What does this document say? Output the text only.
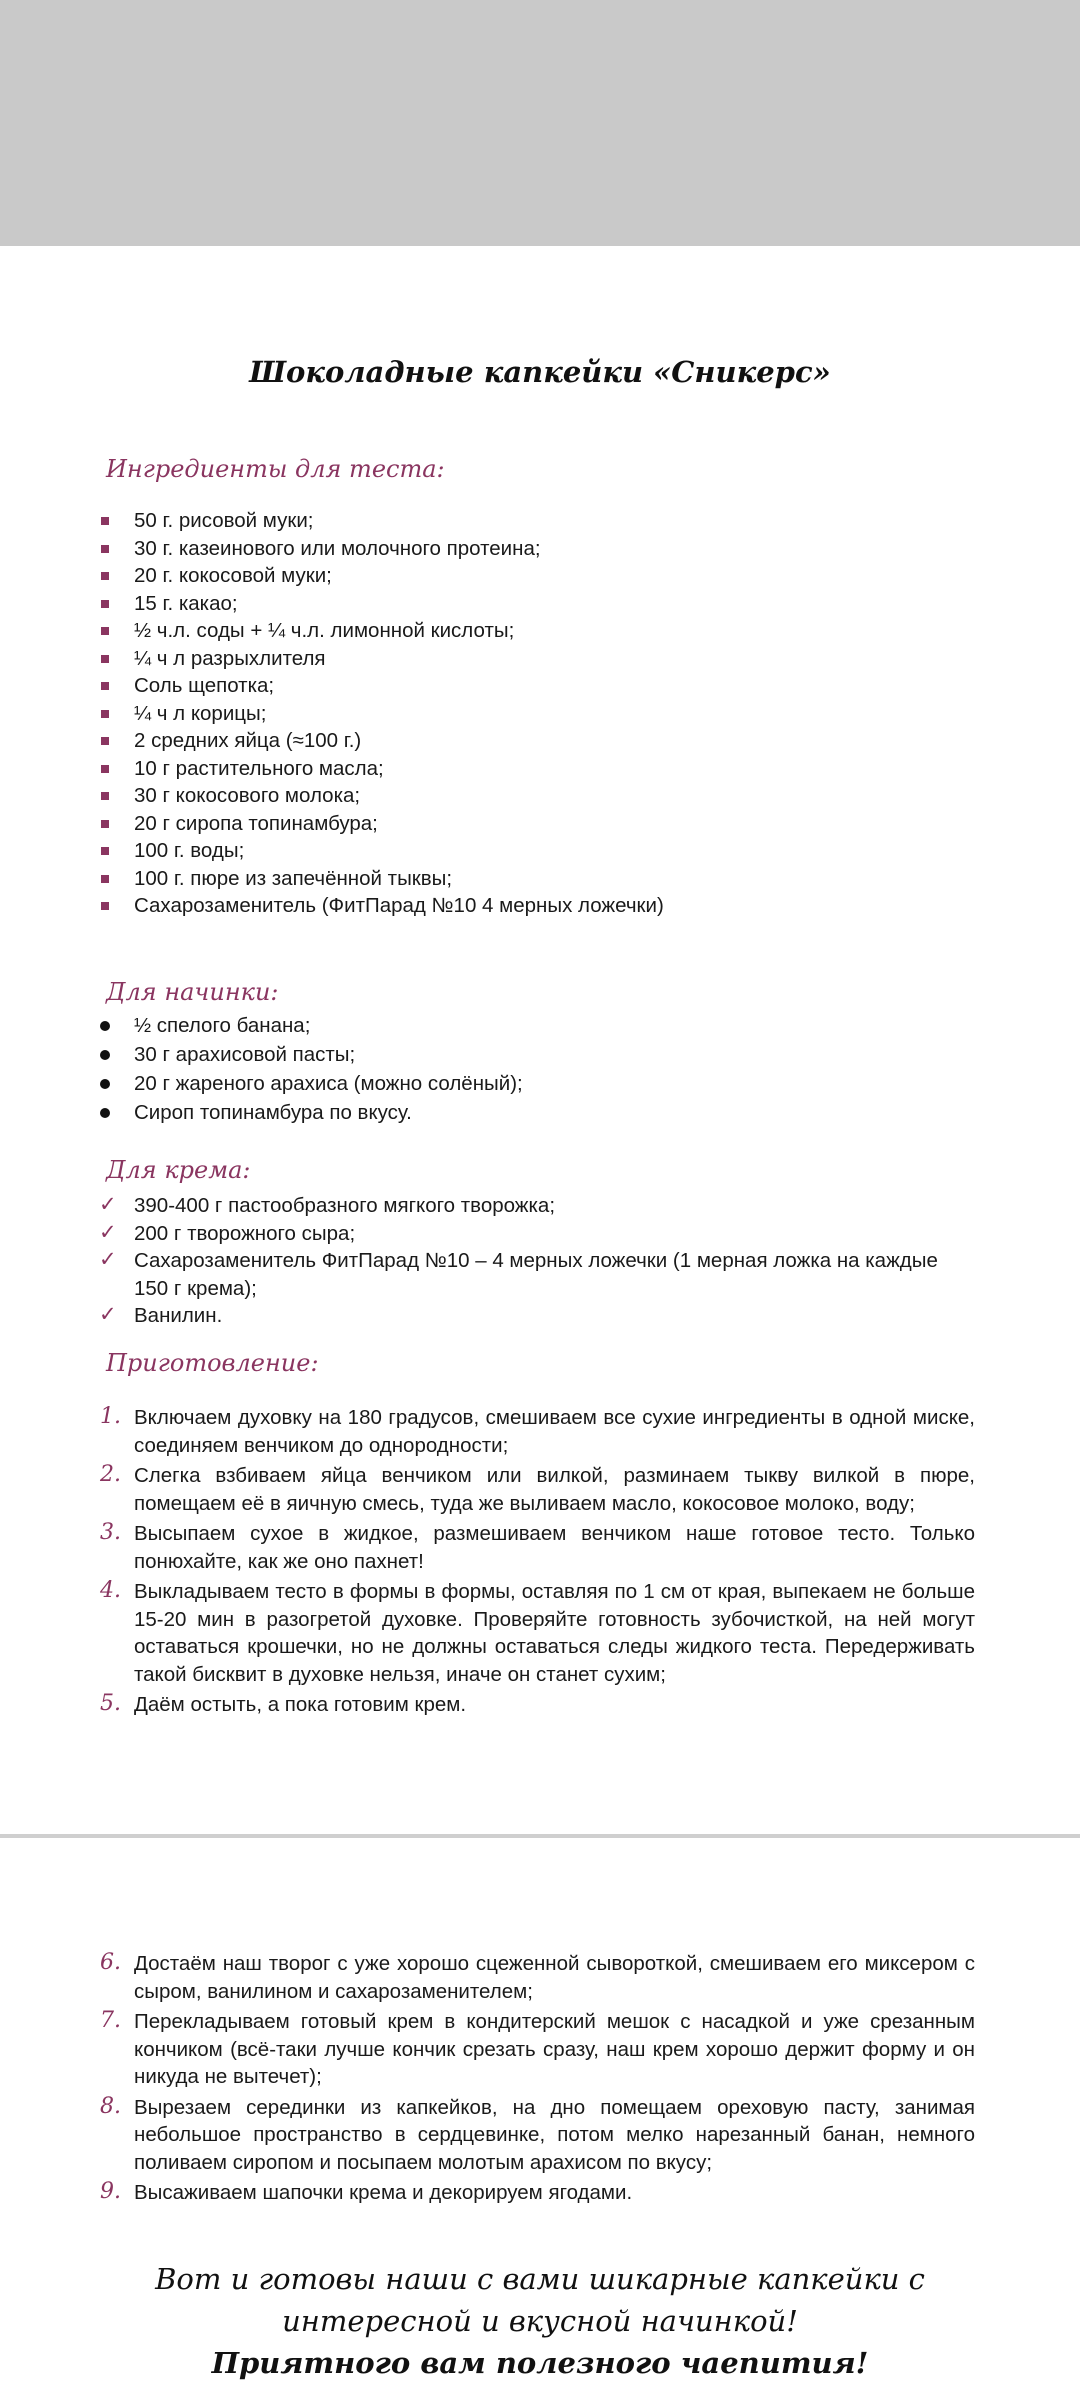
Шоколадные капкейки «Сникерс»
Ингредиенты для теста:
50 г. рисовой муки;
30 г. казеинового или молочного протеина;
20 г. кокосовой муки;
15 г. какао;
½ ч.л. соды + ¼ ч.л. лимонной кислоты;
¼ ч л разрыхлителя
Соль щепотка;
¼ ч л корицы;
2 средних яйца (≈100 г.)
10 г растительного масла;
30 г кокосового молока;
20 г сиропа топинамбура;
100 г. воды;
100 г. пюре из запечённой тыквы;
Сахарозаменитель (ФитПарад №10 4 мерных ложечки)
Для начинки:
½ спелого банана;
30 г арахисовой пасты;
20 г жареного арахиса (можно солёный);
Сироп топинамбура по вкусу.
Для крема:
✓ 390-400 г пастообразного мягкого творожка;
✓ 200 г творожного сыра;
✓ Сахарозаменитель ФитПарад №10 – 4 мерных ложечки (1 мерная ложка на каждые 150 г крема);
✓ Ванилин.
Приготовление:
1. Включаем духовку на 180 градусов, смешиваем все сухие ингредиенты в одной миске, соединяем венчиком до однородности;
2. Слегка взбиваем яйца венчиком или вилкой, разминаем тыкву вилкой в пюре, помещаем её в яичную смесь, туда же выливаем масло, кокосовое молоко, воду;
3. Высыпаем сухое в жидкое, размешиваем венчиком наше готовое тесто. Только понюхайте, как же оно пахнет!
4. Выкладываем тесто в формы в формы, оставляя по 1 см от края, выпекаем не больше 15-20 мин в разогретой духовке. Проверяйте готовность зубочисткой, на ней могут оставаться крошечки, но не должны оставаться следы жидкого теста. Передерживать такой бисквит в духовке нельзя, иначе он станет сухим;
5. Даём остыть, а пока готовим крем.
6. Достаём наш творог с уже хорошо сцеженной сывороткой, смешиваем его миксером с сыром, ванилином и сахарозаменителем;
7. Перекладываем готовый крем в кондитерский мешок с насадкой и уже срезанным кончиком (всё-таки лучше кончик срезать сразу, наш крем хорошо держит форму и он никуда не вытечет);
8. Вырезаем серединки из капкейков, на дно помещаем ореховую пасту, занимая небольшое пространство в сердцевинке, потом мелко нарезанный банан, немного поливаем сиропом и посыпаем молотым арахисом по вкусу;
9. Высаживаем шапочки крема и декорируем ягодами.
Вот и готовы наши с вами шикарные капкейки с
интересной и вкусной начинкой!
Приятного вам полезного чаепития!
